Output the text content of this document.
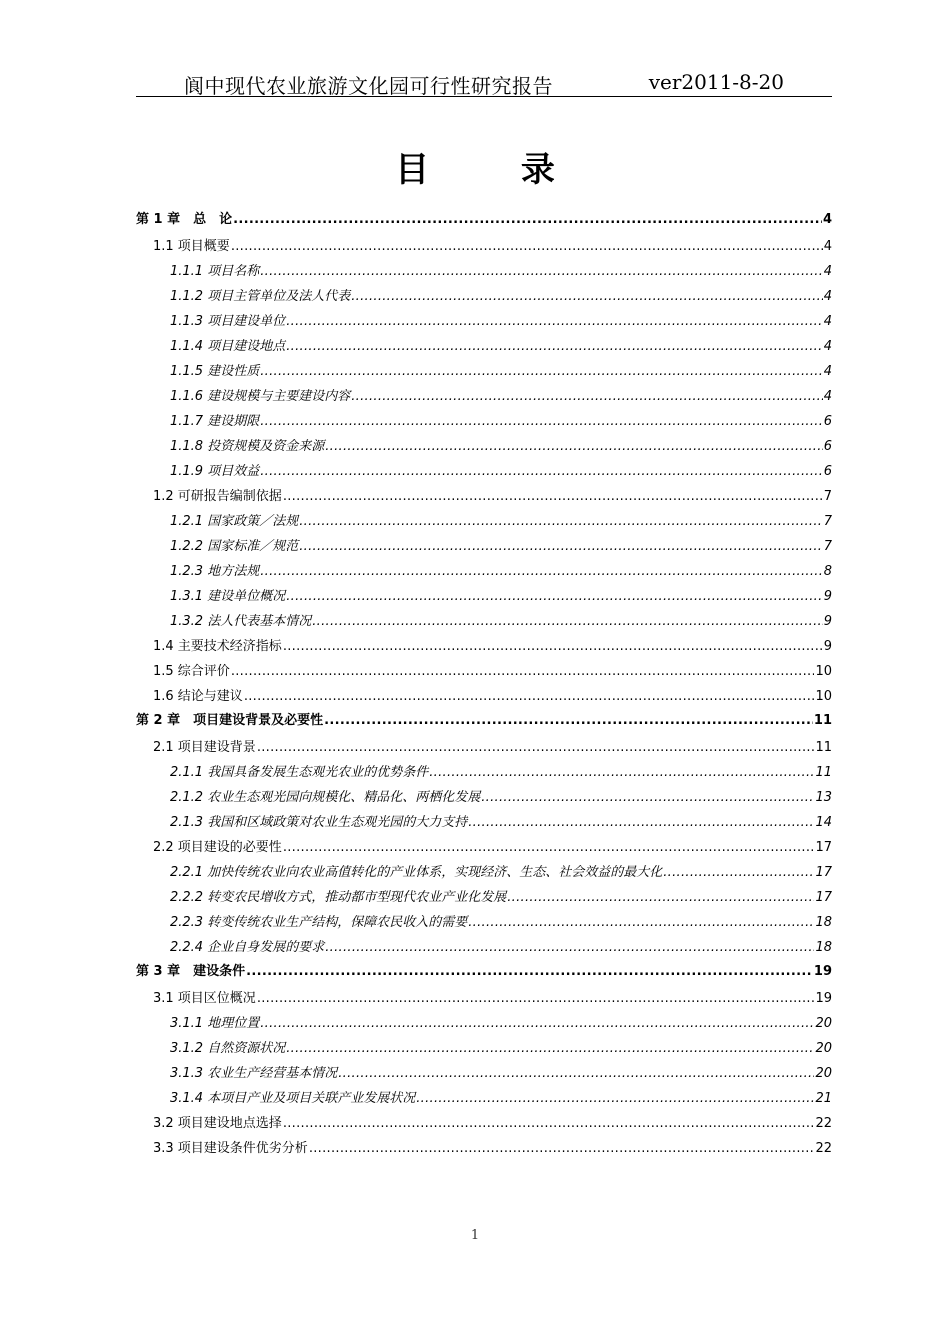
阆中现代农业旅游文化园可行性研究报告	ver2011-8-20
目 录
第 1 章　总　论 .....	4
1.1 项目概要 .....	4
1.1.1 项目名称 .....	4
1.1.2 项目主管单位及法人代表 .....	4
1.1.3 项目建设单位 .....	4
1.1.4 项目建设地点 .....	4
1.1.5 建设性质 .....	4
1.1.6 建设规模与主要建设内容 .....	4
1.1.7 建设期限 .....	6
1.1.8 投资规模及资金来源 .....	6
1.1.9 项目效益 .....	6
1.2 可研报告编制依据 .....	7
1.2.1 国家政策／法规 .....	7
1.2.2 国家标准／规范 .....	7
1.2.3 地方法规 .....	8
1.3.1 建设单位概况 .....	9
1.3.2 法人代表基本情况 .....	9
1.4 主要技术经济指标 .....	9
1.5 综合评价 .....	10
1.6 结论与建议 .....	10
第 2 章　项目建设背景及必要性 .....	11
2.1 项目建设背景 .....	11
2.1.1 我国具备发展生态观光农业的优势条件 .....	11
2.1.2 农业生态观光园向规模化、精品化、两栖化发展 .....	13
2.1.3 我国和区域政策对农业生态观光园的大力支持 .....	14
2.2 项目建设的必要性 .....	17
2.2.1 加快传统农业向农业高值转化的产业体系，实现经济、生态、社会效益的最大化 .....	17
2.2.2 转变农民增收方式，推动都市型现代农业产业化发展 .....	17
2.2.3 转变传统农业生产结构，保障农民收入的需要 .....	18
2.2.4 企业自身发展的要求 .....	18
第 3 章　建设条件 .....	19
3.1 项目区位概况 .....	19
3.1.1 地理位置 .....	20
3.1.2 自然资源状况 .....	20
3.1.3 农业生产经营基本情况 .....	20
3.1.4 本项目产业及项目关联产业发展状况 .....	21
3.2 项目建设地点选择 .....	22
3.3 项目建设条件优劣分析 .....	22
1
